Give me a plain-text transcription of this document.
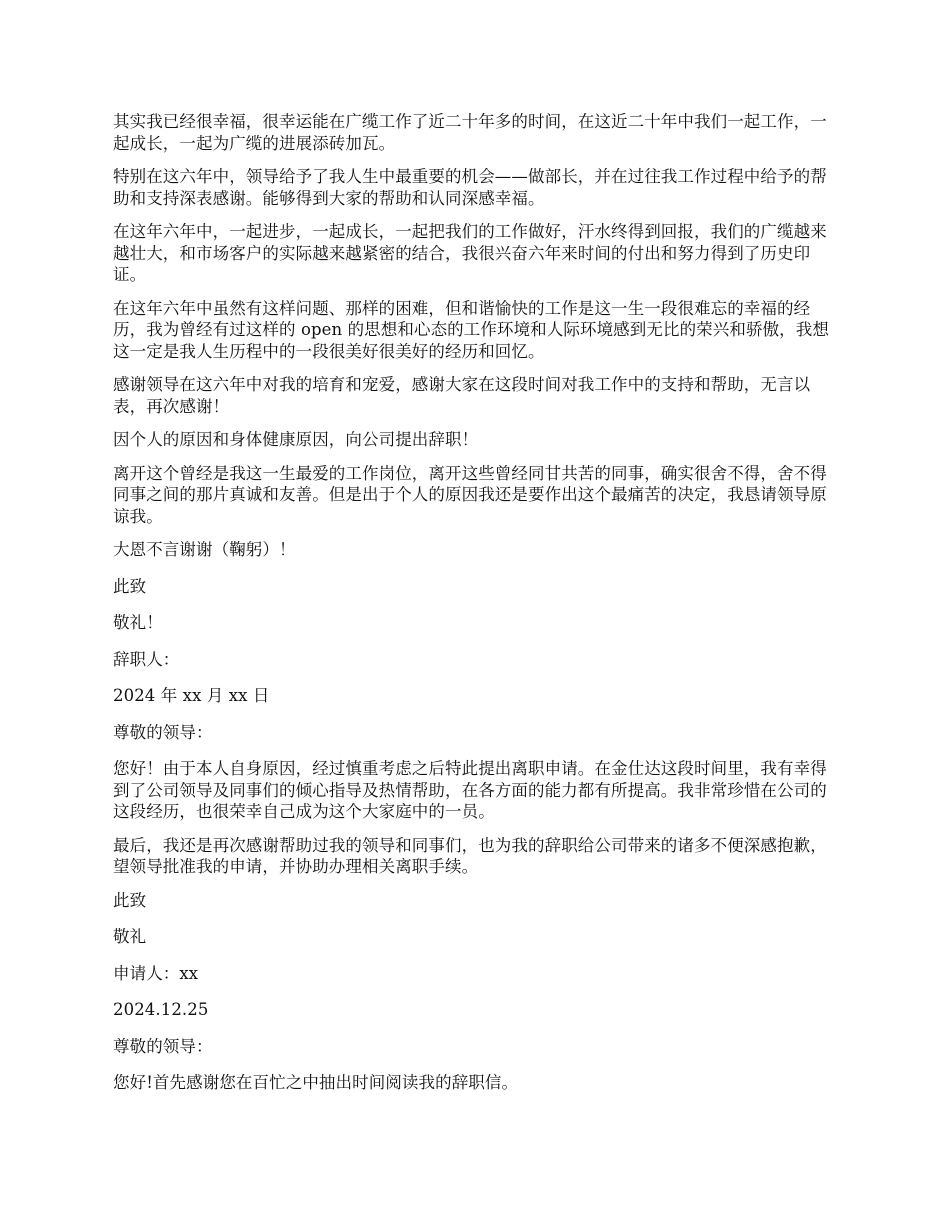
其实我已经很幸福，很幸运能在广缆工作了近二十年多的时间，在这近二十年中我们一起工作，一起成长，一起为广缆的进展添砖加瓦。

特别在这六年中，领导给予了我人生中最重要的机会——做部长，并在过往我工作过程中给予的帮助和支持深表感谢。能够得到大家的帮助和认同深感幸福。

在这年六年中，一起进步，一起成长，一起把我们的工作做好，汗水终得到回报，我们的广缆越来越壮大，和市场客户的实际越来越紧密的结合，我很兴奋六年来时间的付出和努力得到了历史印证。

在这年六年中虽然有这样问题、那样的困难，但和谐愉快的工作是这一生一段很难忘的幸福的经历，我为曾经有过这样的 open 的思想和心态的工作环境和人际环境感到无比的荣兴和骄傲，我想这一定是我人生历程中的一段很美好很美好的经历和回忆。

感谢领导在这六年中对我的培育和宠爱，感谢大家在这段时间对我工作中的支持和帮助，无言以表，再次感谢！

因个人的原因和身体健康原因，向公司提出辞职！

离开这个曾经是我这一生最爱的工作岗位，离开这些曾经同甘共苦的同事，确实很舍不得，舍不得同事之间的那片真诚和友善。但是出于个人的原因我还是要作出这个最痛苦的决定，我恳请领导原谅我。

大恩不言谢谢（鞠躬）！

此致

敬礼！

辞职人：

2024 年 xx 月 xx 日

尊敬的领导：

您好！由于本人自身原因，经过慎重考虑之后特此提出离职申请。在金仕达这段时间里，我有幸得到了公司领导及同事们的倾心指导及热情帮助，在各方面的能力都有所提高。我非常珍惜在公司的这段经历，也很荣幸自己成为这个大家庭中的一员。

最后，我还是再次感谢帮助过我的领导和同事们，也为我的辞职给公司带来的诸多不便深感抱歉，望领导批准我的申请，并协助办理相关离职手续。

此致

敬礼

申请人：xx

2024.12.25

尊敬的领导：

您好!首先感谢您在百忙之中抽出时间阅读我的辞职信。
